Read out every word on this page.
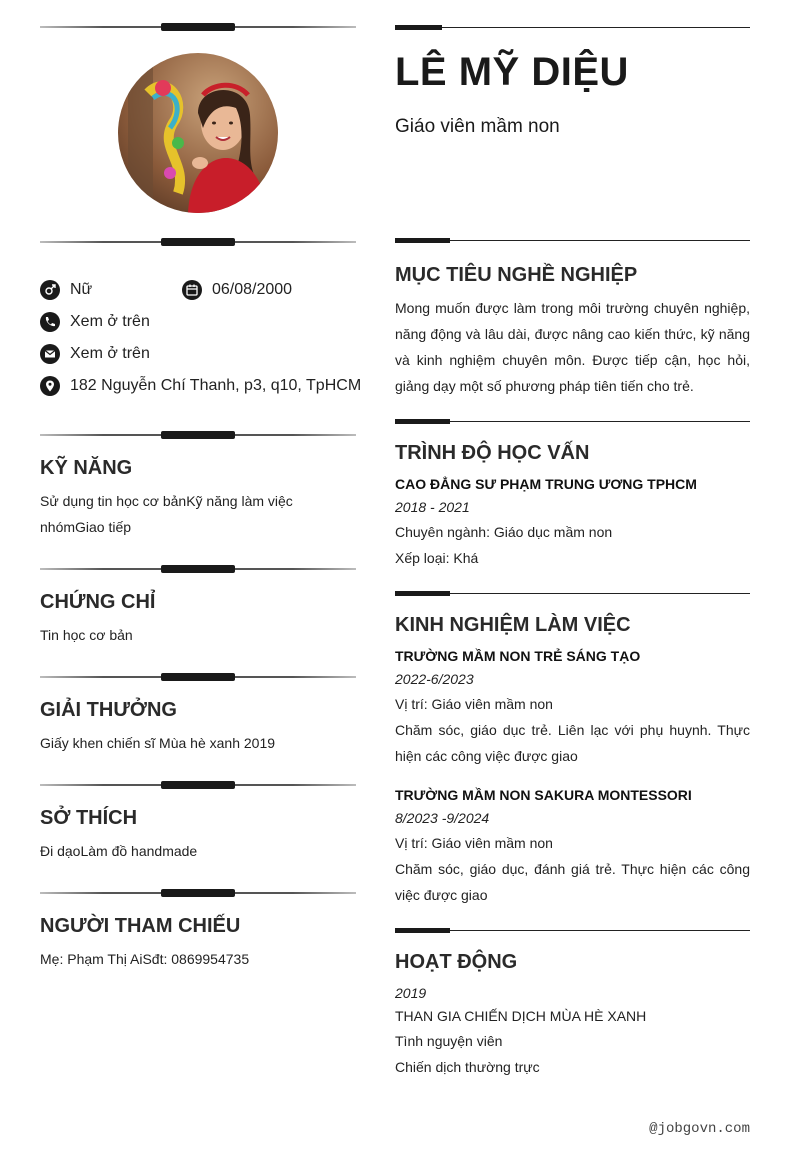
Nữ	06/08/2000
Xem ở trên
Xem ở trên
182 Nguyễn Chí Thanh, p3, q10, TpHCM
KỸ NĂNG
Sử dụng tin học cơ bảnKỹ năng làm việc nhómGiao tiếp
CHỨNG CHỈ
Tin học cơ bản
GIẢI THƯỞNG
Giấy khen chiến sĩ Mùa hè xanh 2019
SỞ THÍCH
Đi dạoLàm đồ handmade
NGƯỜI THAM CHIẾU
Mẹ: Phạm Thị AiSđt: 0869954735
LÊ MỸ DIỆU
Giáo viên mầm non
MỤC TIÊU NGHỀ NGHIỆP
Mong muốn được làm trong môi trường chuyên nghiệp, năng động và lâu dài, được nâng cao kiến thức, kỹ năng và kinh nghiệm chuyên môn. Được tiếp cận, học hỏi, giảng dạy một số phương pháp tiên tiến cho trẻ.
TRÌNH ĐỘ HỌC VẤN
CAO ĐẲNG SƯ PHẠM TRUNG ƯƠNG TPHCM
2018 - 2021
Chuyên ngành: Giáo dục mầm non
Xếp loại: Khá
KINH NGHIỆM LÀM VIỆC
TRƯỜNG MẦM NON TRẺ SÁNG TẠO
2022-6/2023
Vị trí: Giáo viên mầm non
Chăm sóc, giáo dục trẻ. Liên lạc với phụ huynh. Thực hiện các công việc được giao
TRƯỜNG MẦM NON SAKURA MONTESSORI
8/2023 -9/2024
Vị trí: Giáo viên mầm non
Chăm sóc, giáo dục, đánh giá trẻ. Thực hiện các công việc được giao
HOẠT ĐỘNG
2019
THAN GIA CHIẾN DỊCH MÙA HÈ XANH
Tình nguyện viên
Chiến dịch thường trực
@jobgovn.com
